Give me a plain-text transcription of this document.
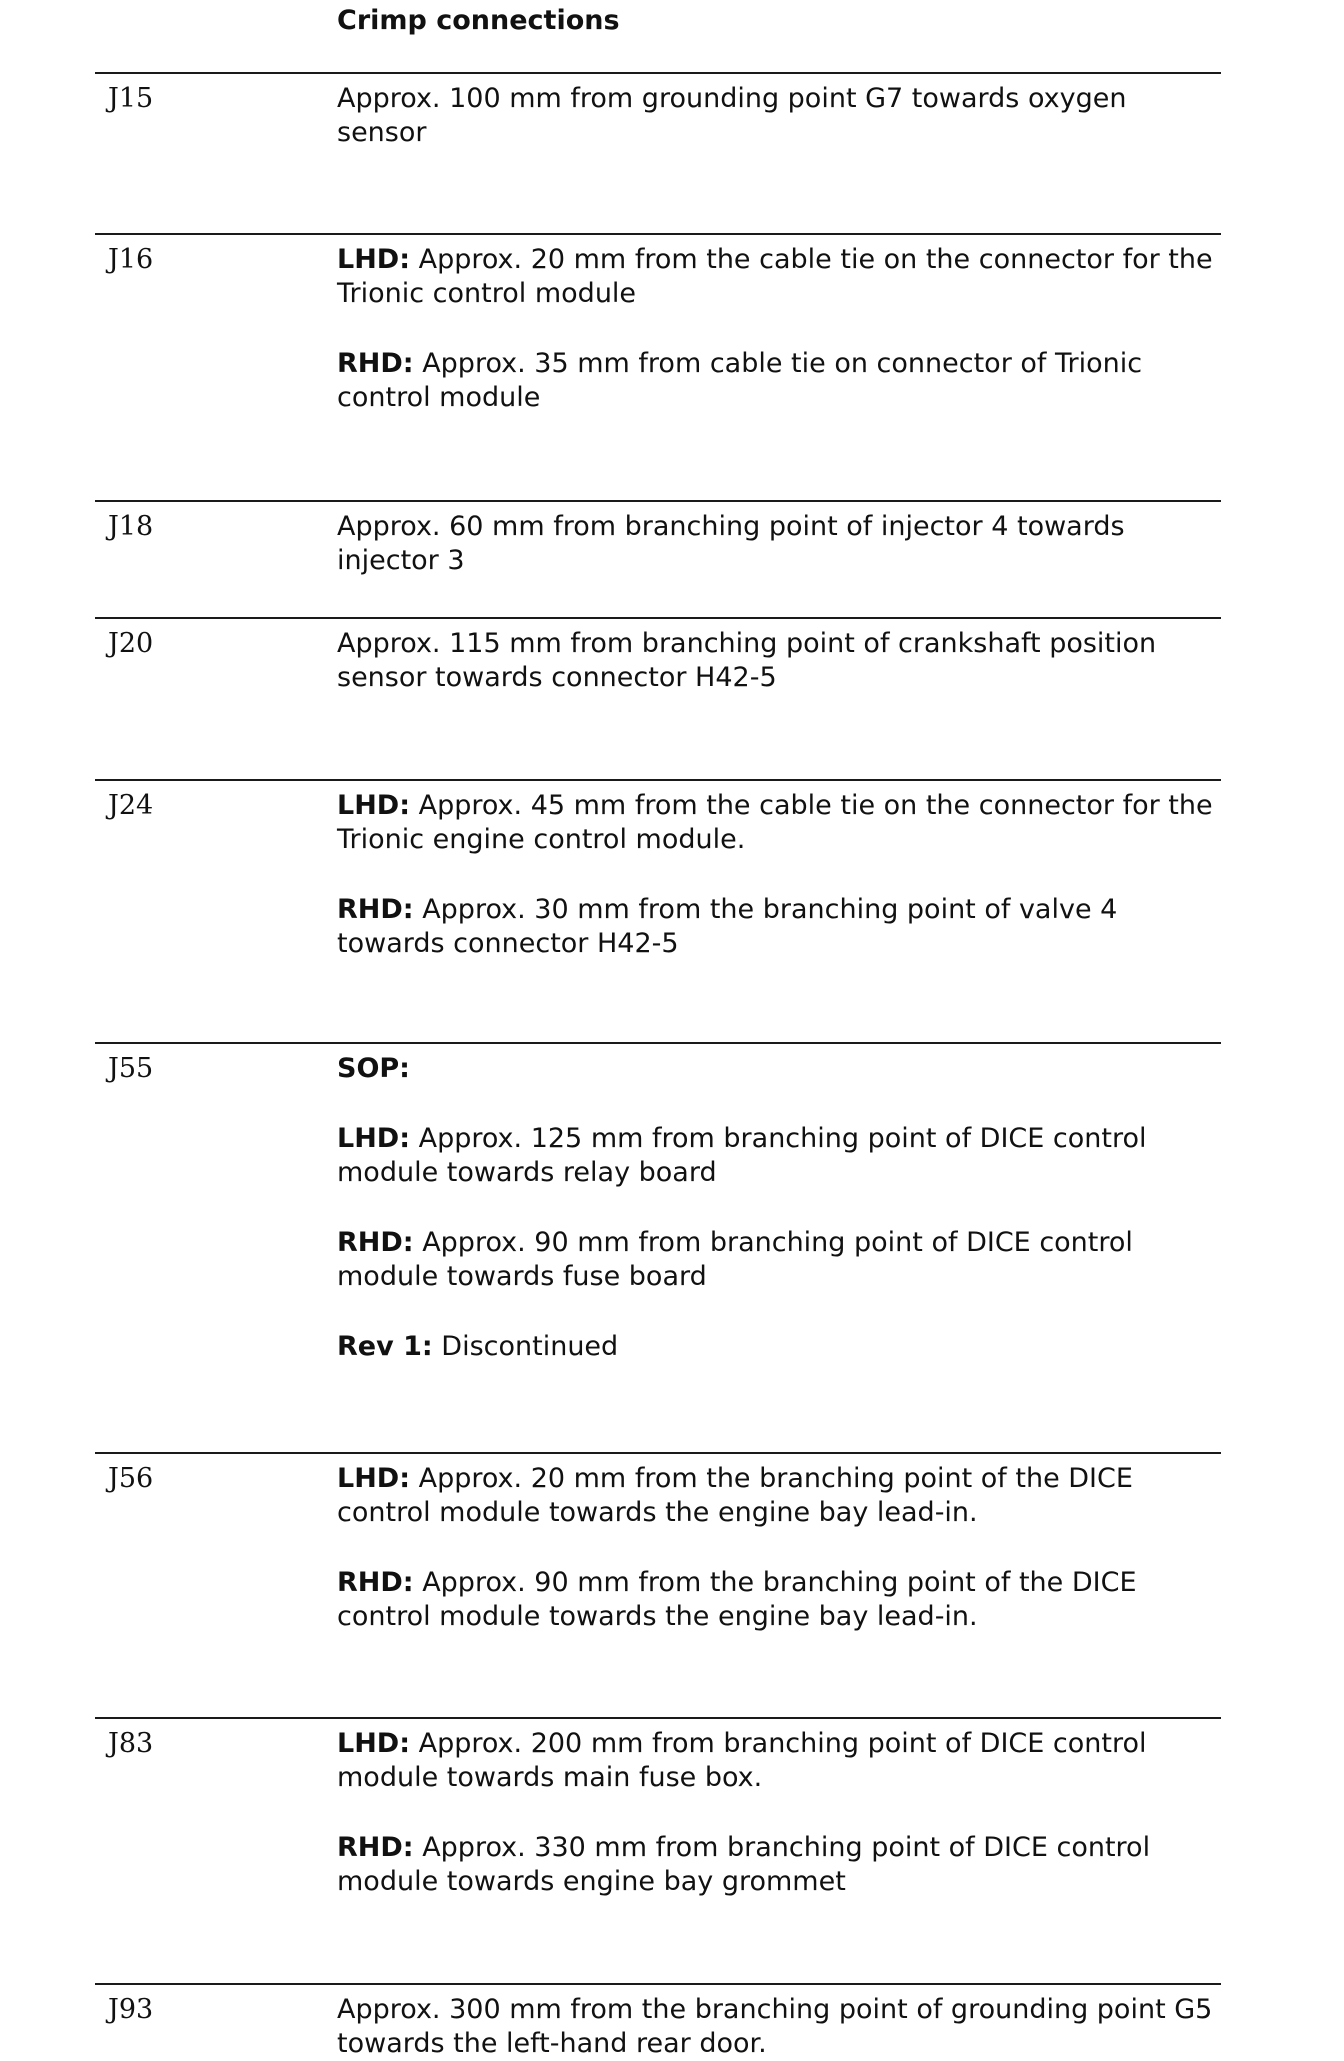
Crimp connections
J15	Approx. 100 mm from grounding point G7 towards oxygen sensor

J16	LHD: Approx. 20 mm from the cable tie on the connector for the Trionic control module

RHD: Approx. 35 mm from cable tie on connector of Trionic control module

J18	Approx. 60 mm from branching point of injector 4 towards injector 3

J20	Approx. 115 mm from branching point of crankshaft position sensor towards connector H42-5

J24	LHD: Approx. 45 mm from the cable tie on the connector for the Trionic engine control module.

RHD: Approx. 30 mm from the branching point of valve 4 towards connector H42-5

J55	SOP:

LHD: Approx. 125 mm from branching point of DICE control module towards relay board

RHD: Approx. 90 mm from branching point of DICE control module towards fuse board

Rev 1: Discontinued

J56	LHD: Approx. 20 mm from the branching point of the DICE control module towards the engine bay lead-in.

RHD: Approx. 90 mm from the branching point of the DICE control module towards the engine bay lead-in.

J83	LHD: Approx. 200 mm from branching point of DICE control module towards main fuse box.

RHD: Approx. 330 mm from branching point of DICE control module towards engine bay grommet

J93	Approx. 300 mm from the branching point of grounding point G5 towards the left-hand rear door.
